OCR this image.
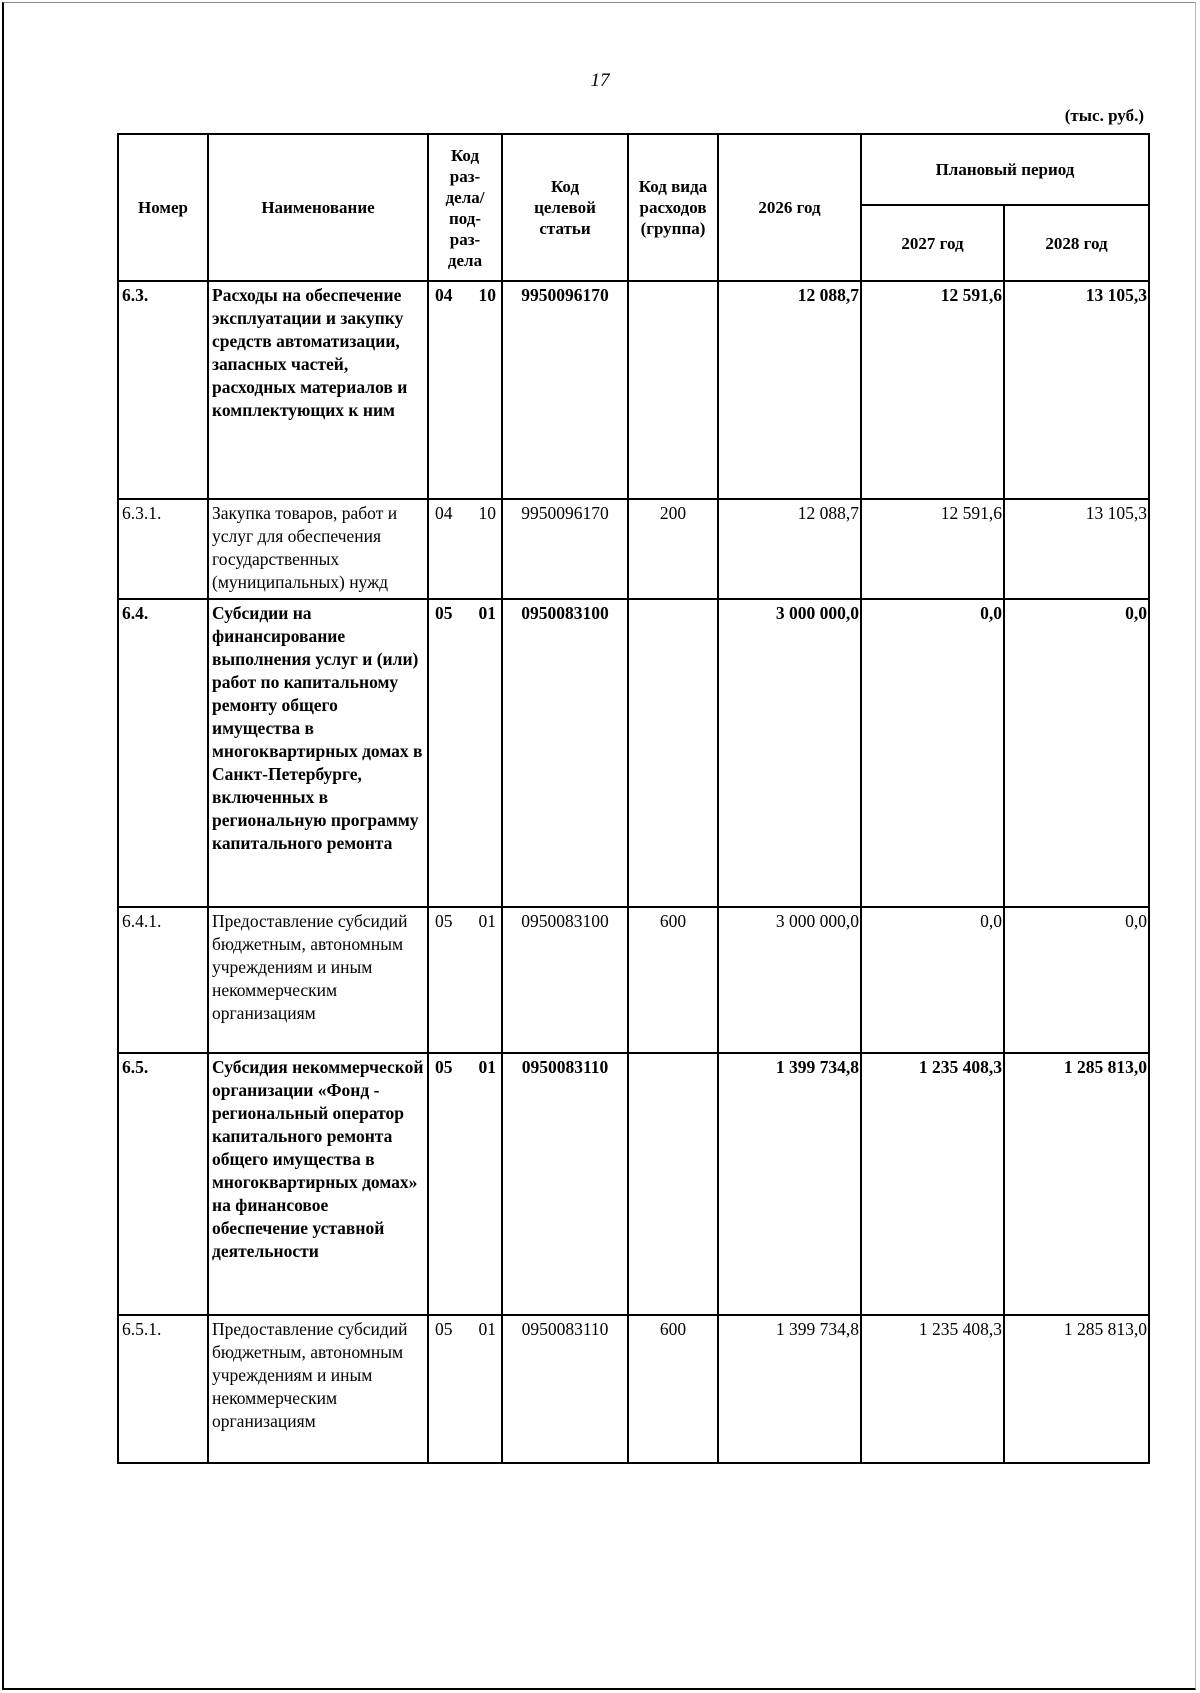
17
(тыс. руб.)
Номер	Наименование	Код раз-дела/ под-раз-дела	Код целевой статьи	Код вида расходов (группа)	2026 год	Плановый период	
						2027 год	2028 год
6.3.	Расходы на обеспечение эксплуатации и закупку средств автоматизации, запасных частей, расходных материалов и комплектующих к ним	04 10	9950096170		12 088,7	12 591,6	13 105,3
6.3.1.	Закупка товаров, работ и услуг для обеспечения государственных (муниципальных) нужд	04 10	9950096170	200	12 088,7	12 591,6	13 105,3
6.4.	Субсидии на финансирование выполнения услуг и (или) работ по капитальному ремонту общего имущества в многоквартирных домах в Санкт-Петербурге, включенных в региональную программу капитального ремонта	05 01	0950083100		3 000 000,0	0,0	0,0
6.4.1.	Предоставление субсидий бюджетным, автономным учреждениям и иным некоммерческим организациям	05 01	0950083100	600	3 000 000,0	0,0	0,0
6.5.	Субсидия некоммерческой организации «Фонд - региональный оператор капитального ремонта общего имущества в многоквартирных домах» на финансовое обеспечение уставной деятельности	05 01	0950083110		1 399 734,8	1 235 408,3	1 285 813,0
6.5.1.	Предоставление субсидий бюджетным, автономным учреждениям и иным некоммерческим организациям	05 01	0950083110	600	1 399 734,8	1 235 408,3	1 285 813,0
